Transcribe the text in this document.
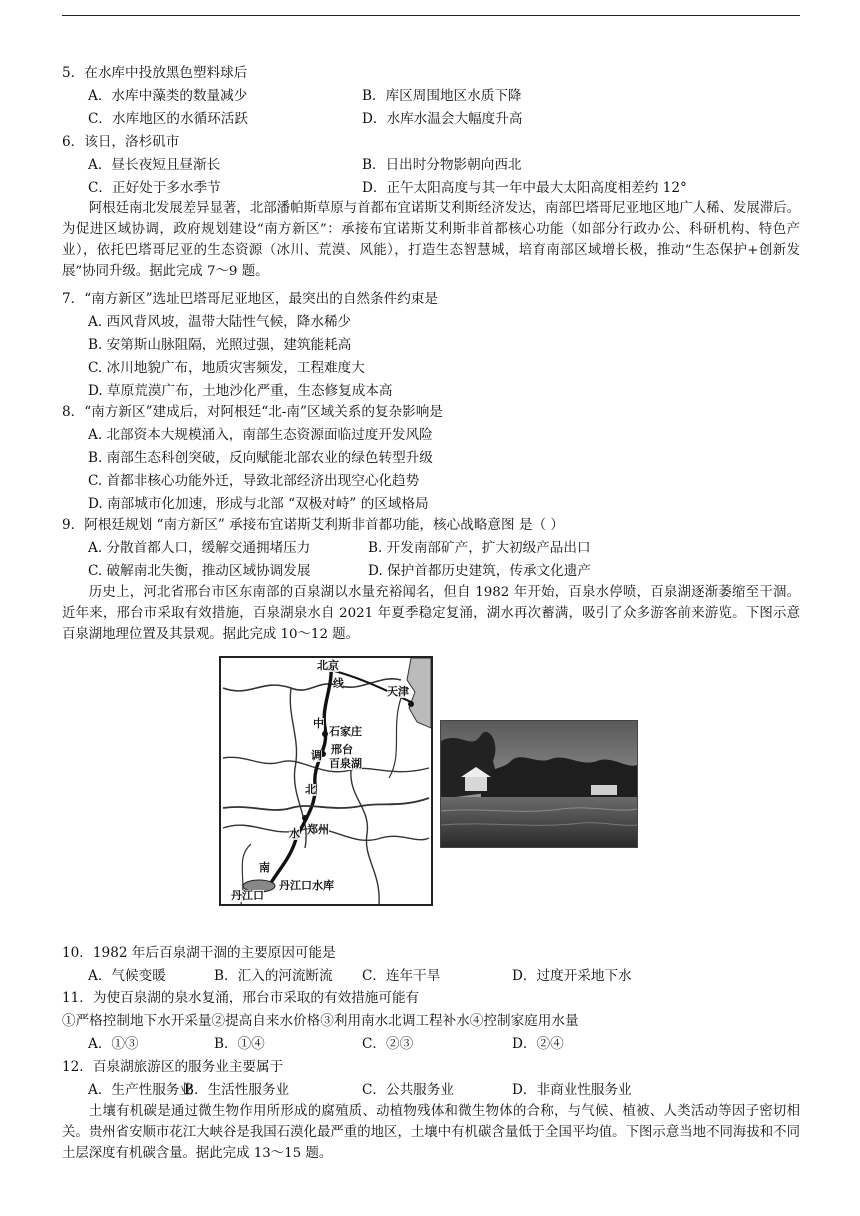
5．在水库中投放黑色塑料球后
A．水库中藻类的数量减少	B．库区周围地区水质下降
C．水库地区的水循环活跃	D．水库水温会大幅度升高
6．该日，洛杉矶市
A．昼长夜短且昼渐长	B．日出时分物影朝向西北
C．正好处于多水季节	D．正午太阳高度与其一年中最大太阳高度相差约 12°
阿根廷南北发展差异显著，北部潘帕斯草原与首都布宜诺斯艾利斯经济发达，南部巴塔哥尼亚地区地广人稀、发展滞后。为促进区域协调，政府规划建设“南方新区”：承接布宜诺斯艾利斯非首都核心功能（如部分行政办公、科研机构、特色产业），依托巴塔哥尼亚的生态资源（冰川、荒漠、风能），打造生态智慧城，培育南部区域增长极，推动“生态保护+创新发展”协同升级。据此完成 7～9 题。
7．“南方新区”选址巴塔哥尼亚地区，最突出的自然条件约束是
A. 西风背风坡，温带大陆性气候，降水稀少
B. 安第斯山脉阻隔，光照过强，建筑能耗高
C. 冰川地貌广布，地质灾害频发，工程难度大
D. 草原荒漠广布，土地沙化严重，生态修复成本高
8．“南方新区”建成后，对阿根廷“北-南”区域关系的复杂影响是
A. 北部资本大规模涌入，南部生态资源面临过度开发风险
B. 南部生态科创突破，反向赋能北部农业的绿色转型升级
C. 首都非核心功能外迁，导致北部经济出现空心化趋势
D. 南部城市化加速，形成与北部 “双极对峙” 的区域格局
9．阿根廷规划 “南方新区” 承接布宜诺斯艾利斯非首都功能，核心战略意图 是（ ）
A. 分散首都人口，缓解交通拥堵压力	B. 开发南部矿产，扩大初级产品出口
C. 破解南北失衡，推动区域协调发展	D. 保护首都历史建筑，传承文化遗产
历史上，河北省邢台市区东南部的百泉湖以水量充裕闻名，但自 1982 年开始，百泉水停喷，百泉湖逐渐萎缩至干涸。近年来，邢台市采取有效措施，百泉湖泉水自 2021 年夏季稳定复涌，湖水再次蓄满，吸引了众多游客前来游览。下图示意百泉湖地理位置及其景观。据此完成 10～12 题。
北京
线
天津
中
石家庄
邢台
调
百泉湖
北
水 郑州
南
丹江口水库
丹江口
10．1982 年后百泉湖干涸的主要原因可能是
A．气候变暖	B．汇入的河流断流 C．连年干旱	D．过度开采地下水
11．为使百泉湖的泉水复涌，邢台市采取的有效措施可能有
①严格控制地下水开采量②提高自来水价格③利用南水北调工程补水④控制家庭用水量
A．①③	B．①④	C．②③	D．②④
12．百泉湖旅游区的服务业主要属于
A．生产性服务业
B．生活性服务业	C．公共服务业	D．非商业性服务业
土壤有机碳是通过微生物作用所形成的腐殖质、动植物残体和微生物体的合称，与气候、植被、人类活动等因子密切相关。贵州省安顺市花江大峡谷是我国石漠化最严重的地区，土壤中有机碳含量低于全国平均值。下图示意当地不同海拔和不同土层深度有机碳含量。据此完成 13～15 题。
